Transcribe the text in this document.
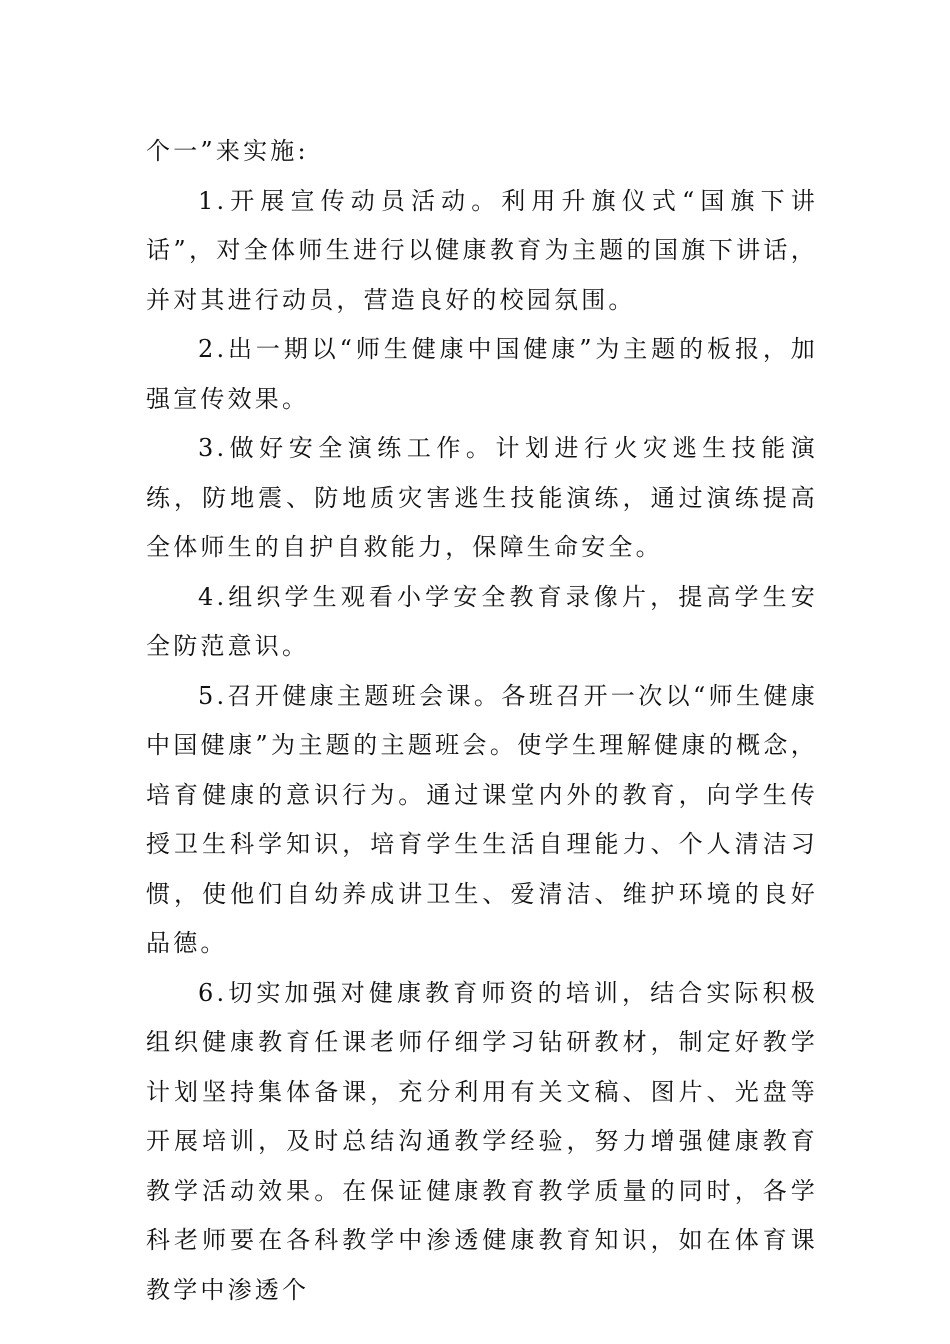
个一”来实施:

1.开展宣传动员活动。利用升旗仪式“国旗下讲话”，对全体师生进行以健康教育为主题的国旗下讲话，并对其进行动员，营造良好的校园氛围。

2.出一期以“师生健康中国健康”为主题的板报，加强宣传效果。

3.做好安全演练工作。计划进行火灾逃生技能演练，防地震、防地质灾害逃生技能演练，通过演练提高全体师生的自护自救能力，保障生命安全。

4.组织学生观看小学安全教育录像片，提高学生安全防范意识。

5.召开健康主题班会课。各班召开一次以“师生健康中国健康”为主题的主题班会。使学生理解健康的概念，培育健康的意识行为。通过课堂内外的教育，向学生传授卫生科学知识，培育学生生活自理能力、个人清洁习惯，使他们自幼养成讲卫生、爱清洁、维护环境的良好品德。

6.切实加强对健康教育师资的培训，结合实际积极组织健康教育任课老师仔细学习钻研教材，制定好教学计划坚持集体备课，充分利用有关文稿、图片、光盘等开展培训，及时总结沟通教学经验，努力增强健康教育教学活动效果。在保证健康教育教学质量的同时，各学科老师要在各科教学中渗透健康教育知识，如在体育课教学中渗透个
